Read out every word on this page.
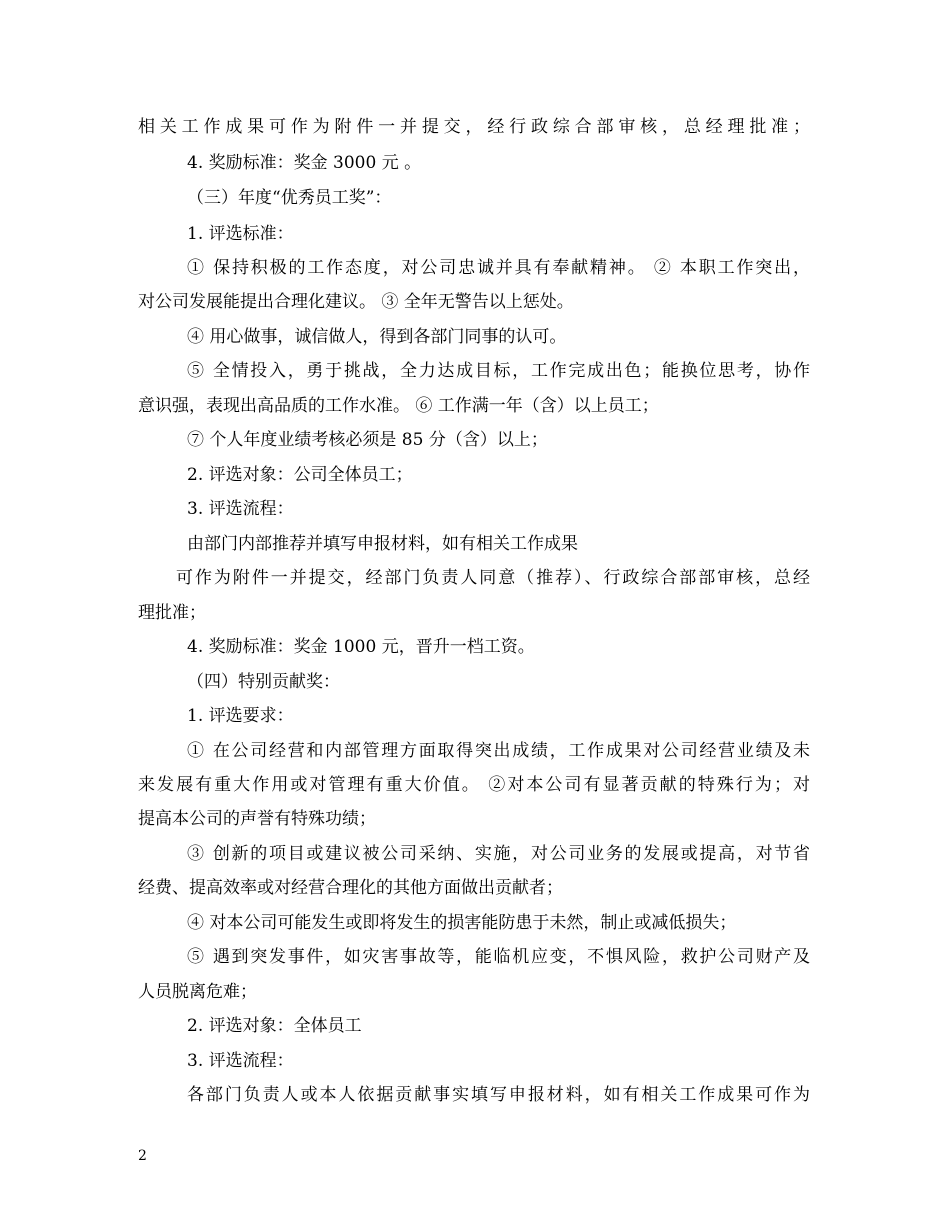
相关工作成果可作为附件一并提交，经行政综合部审核，总经理批准；
4. 奖励标准：奖金 3000 元 。
（三）年度“优秀员工奖”：
1. 评选标准：
① 保持积极的工作态度，对公司忠诚并具有奉献精神。 ② 本职工作突出，
对公司发展能提出合理化建议。 ③ 全年无警告以上惩处。
④ 用心做事，诚信做人，得到各部门同事的认可。
⑤ 全情投入，勇于挑战，全力达成目标，工作完成出色；能换位思考，协作
意识强，表现出高品质的工作水准。 ⑥ 工作满一年（含）以上员工；
⑦ 个人年度业绩考核必须是 85 分（含）以上；
2. 评选对象：公司全体员工；
3. 评选流程：
由部门内部推荐并填写申报材料，如有相关工作成果
可作为附件一并提交，经部门负责人同意（推荐）、行政综合部部审核，总经
理批准；
4. 奖励标准：奖金 1000 元，晋升一档工资。
（四）特别贡献奖：
1. 评选要求：
① 在公司经营和内部管理方面取得突出成绩，工作成果对公司经营业绩及未
来发展有重大作用或对管理有重大价值。 ②对本公司有显著贡献的特殊行为；对
提高本公司的声誉有特殊功绩；
③ 创新的项目或建议被公司采纳、实施，对公司业务的发展或提高，对节省
经费、提高效率或对经营合理化的其他方面做出贡献者；
④ 对本公司可能发生或即将发生的损害能防患于未然，制止或减低损失；
⑤ 遇到突发事件，如灾害事故等，能临机应变，不惧风险，救护公司财产及
人员脱离危难；
2. 评选对象：全体员工
3. 评选流程：
各部门负责人或本人依据贡献事实填写申报材料，如有相关工作成果可作为
2
